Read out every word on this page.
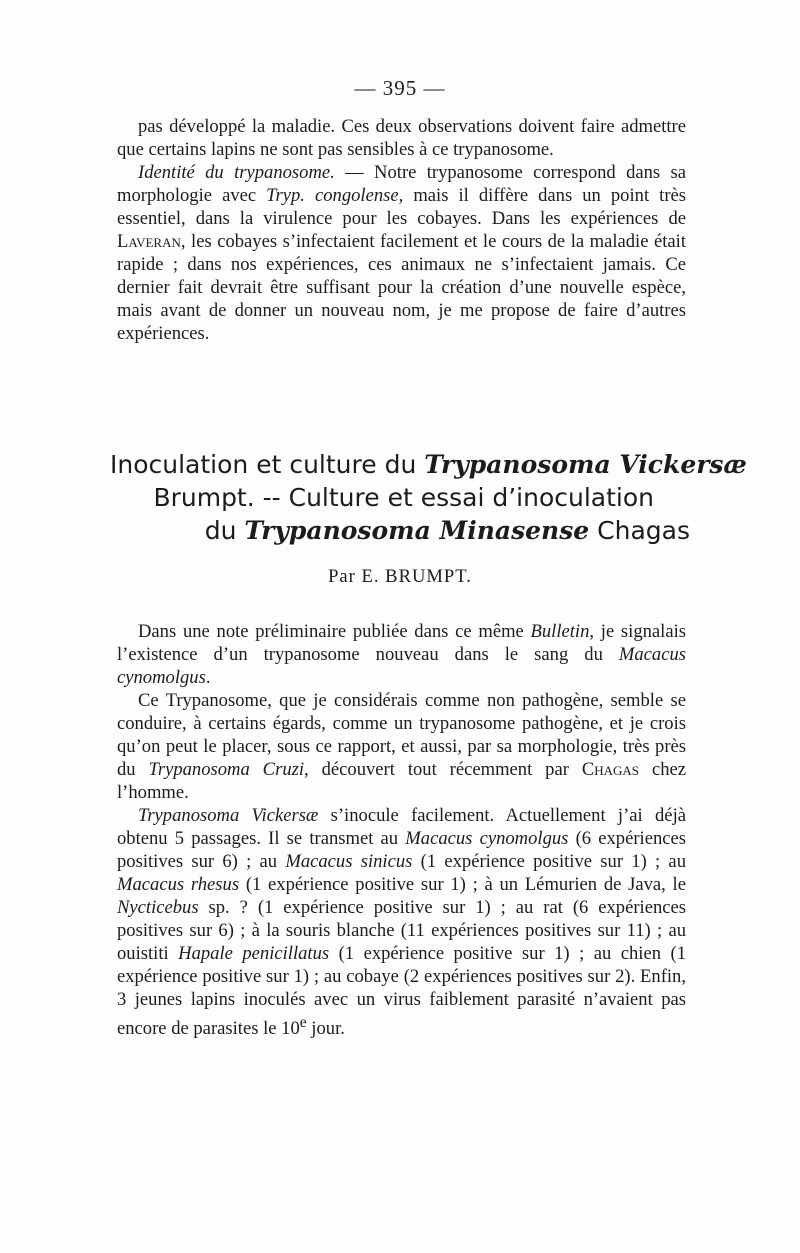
— 395 —

pas développé la maladie. Ces deux observations doivent faire admettre que certains lapins ne sont pas sensibles à ce trypanosome.

Identité du trypanosome. — Notre trypanosome correspond dans sa morphologie avec Tryp. congolense, mais il diffère dans un point très essentiel, dans la virulence pour les cobayes. Dans les expériences de Laveran, les cobayes s’infectaient facilement et le cours de la maladie était rapide ; dans nos expériences, ces animaux ne s’infectaient jamais. Ce dernier fait devrait être suffisant pour la création d’une nouvelle espèce, mais avant de donner un nouveau nom, je me propose de faire d’autres expériences.

Inoculation et culture du Trypanosoma Vickersæ
Brumpt. -- Culture et essai d’inoculation
du Trypanosoma Minasense Chagas
Par E. BRUMPT.

Dans une note préliminaire publiée dans ce même Bulletin, je signalais l’existence d’un trypanosome nouveau dans le sang du Macacus cynomolgus.

Ce Trypanosome, que je considérais comme non pathogène, semble se conduire, à certains égards, comme un trypanosome pathogène, et je crois qu’on peut le placer, sous ce rapport, et aussi, par sa morphologie, très près du Trypanosoma Cruzi, découvert tout récemment par Chagas chez l’homme.

Trypanosoma Vickersæ s’inocule facilement. Actuellement j’ai déjà obtenu 5 passages. Il se transmet au Macacus cynomolgus (6 expériences positives sur 6) ; au Macacus sinicus (1 expérience positive sur 1) ; au Macacus rhesus (1 expérience positive sur 1) ; à un Lémurien de Java, le Nycticebus sp. ? (1 expérience positive sur 1) ; au rat (6 expériences positives sur 6) ; à la souris blanche (11 expériences positives sur 11) ; au ouistiti Hapale penicillatus (1 expérience positive sur 1) ; au chien (1 expérience positive sur 1) ; au cobaye (2 expériences positives sur 2). Enfin, 3 jeunes lapins inoculés avec un virus faiblement parasité n’avaient pas encore de parasites le 10e jour.
